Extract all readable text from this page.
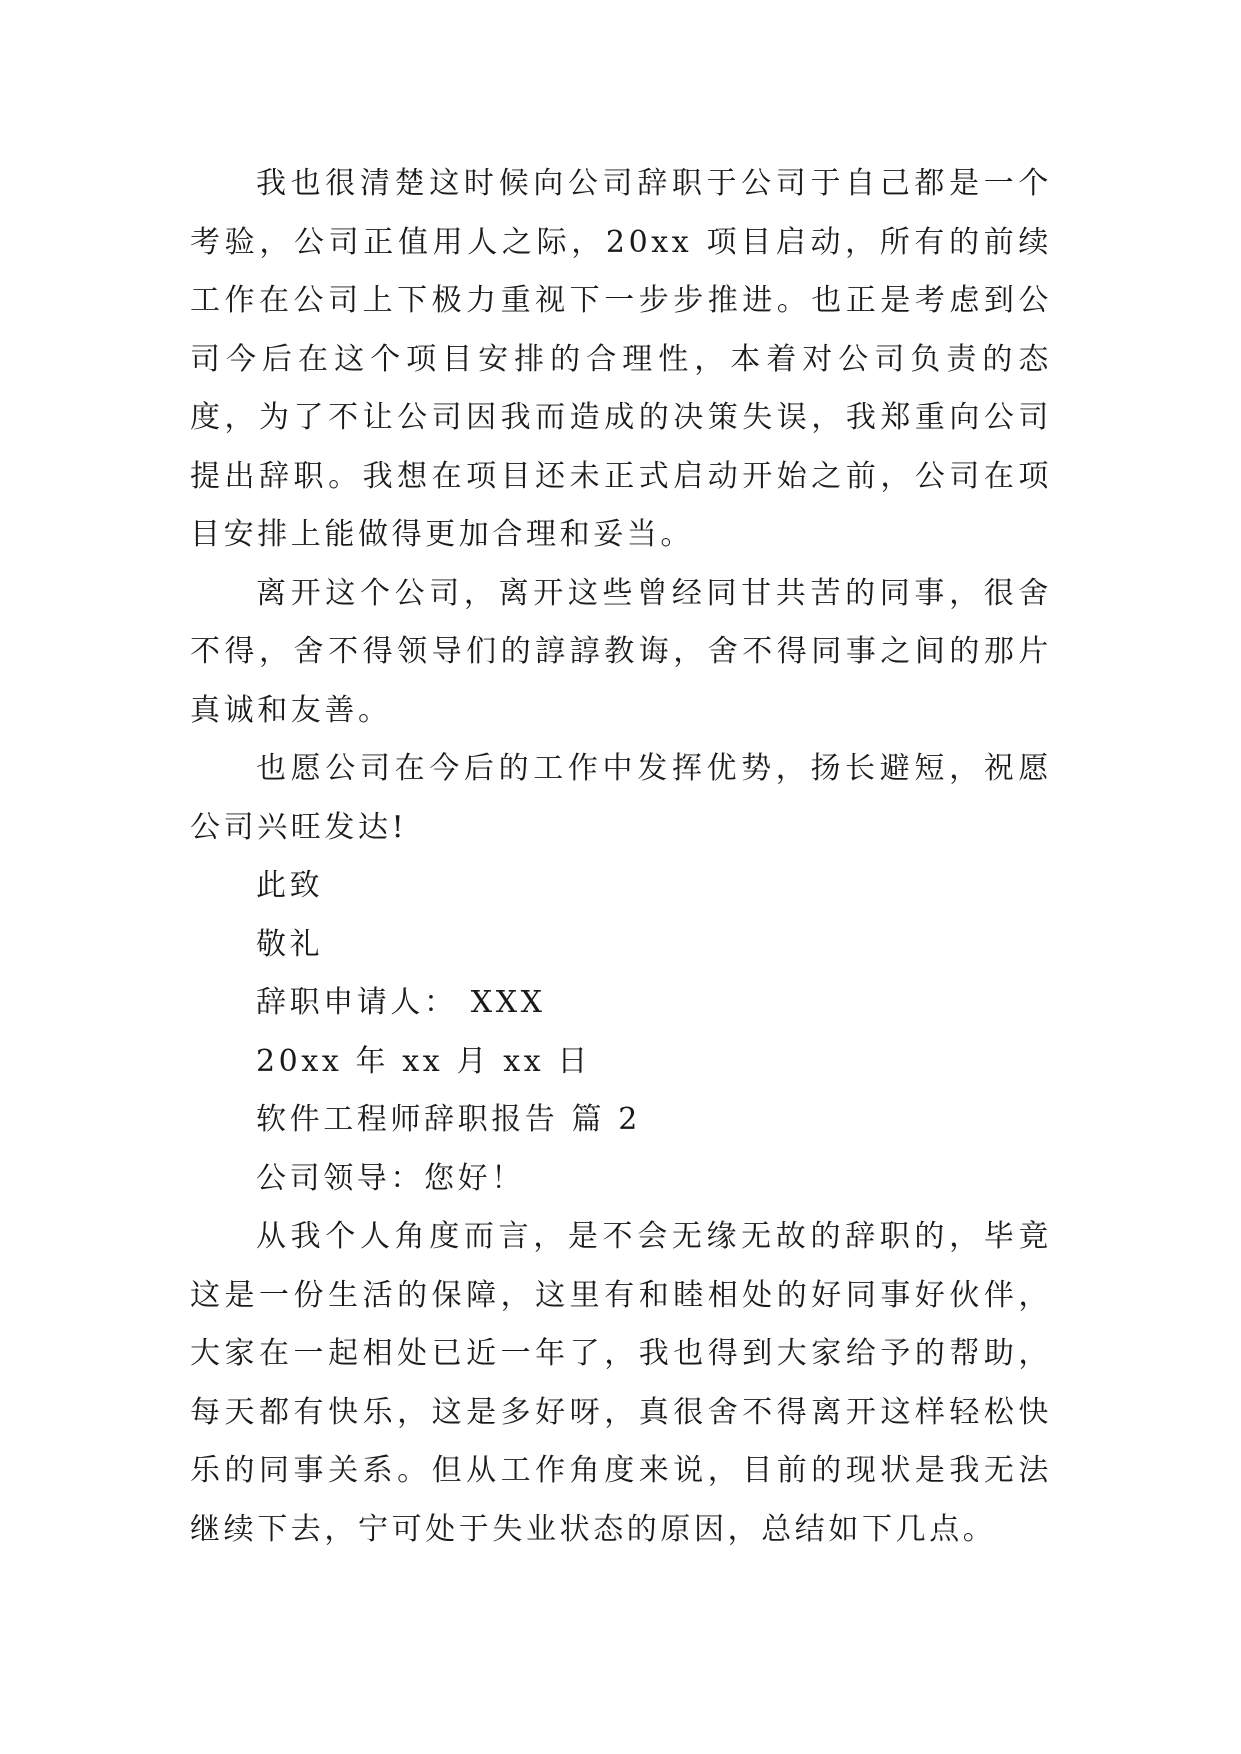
我也很清楚这时候向公司辞职于公司于自己都是一个考验，公司正值用人之际，20xx 项目启动，所有的前续工作在公司上下极力重视下一步步推进。也正是考虑到公司今后在这个项目安排的合理性，本着对公司负责的态度，为了不让公司因我而造成的决策失误，我郑重向公司提出辞职。我想在项目还未正式启动开始之前，公司在项目安排上能做得更加合理和妥当。

离开这个公司，离开这些曾经同甘共苦的同事，很舍不得，舍不得领导们的諄諄教诲，舍不得同事之间的那片真诚和友善。

也愿公司在今后的工作中发挥优势，扬长避短，祝愿公司兴旺发达!

此致

敬礼

辞职申请人： XXX

20xx 年 xx 月 xx 日

软件工程师辞职报告 篇 2

公司领导：您好！

从我个人角度而言，是不会无缘无故的辞职的，毕竟这是一份生活的保障，这里有和睦相处的好同事好伙伴，大家在一起相处已近一年了，我也得到大家给予的帮助，每天都有快乐，这是多好呀，真很舍不得离开这样轻松快乐的同事关系。但从工作角度来说，目前的现状是我无法继续下去，宁可处于失业状态的原因，总结如下几点。
